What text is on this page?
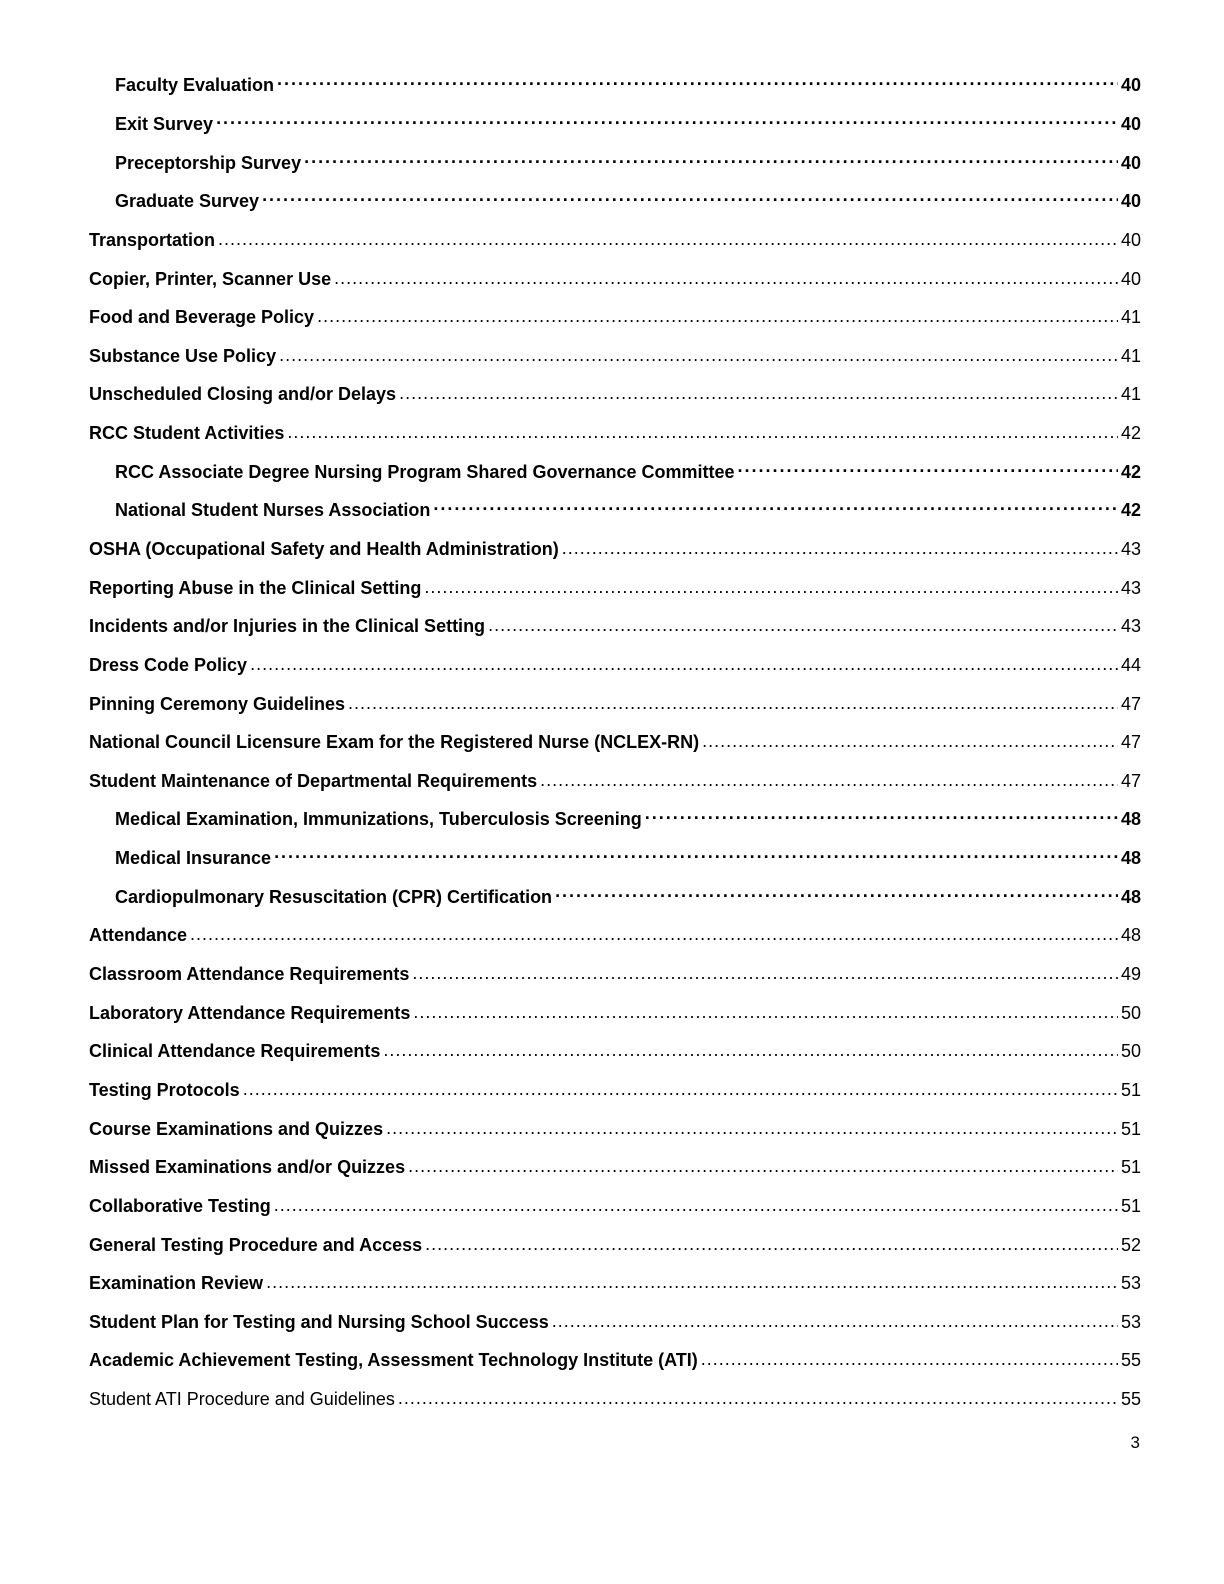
Faculty Evaluation ·····	40
Exit Survey ·····	40
Preceptorship Survey ·····	40
Graduate Survey ·····	40
Transportation .....	40
Copier, Printer, Scanner Use .....	40
Food and Beverage Policy .....	41
Substance Use Policy .....	41
Unscheduled Closing and/or Delays .....	41
RCC Student Activities .....	42
RCC Associate Degree Nursing Program Shared Governance Committee ·····	42
National Student Nurses Association ·····	42
OSHA (Occupational Safety and Health Administration) .....	43
Reporting Abuse in the Clinical Setting .....	43
Incidents and/or Injuries in the Clinical Setting .....	43
Dress Code Policy .....	44
Pinning Ceremony Guidelines .....	47
National Council Licensure Exam for the Registered Nurse (NCLEX-RN) .....	47
Student Maintenance of Departmental Requirements .....	47
Medical Examination, Immunizations, Tuberculosis Screening ·····	48
Medical Insurance ·····	48
Cardiopulmonary Resuscitation (CPR) Certification ·····	48
Attendance .....	48
Classroom Attendance Requirements .....	49
Laboratory Attendance Requirements .....	50
Clinical Attendance Requirements .....	50
Testing Protocols .....	51
Course Examinations and Quizzes .....	51
Missed Examinations and/or Quizzes .....	51
Collaborative Testing .....	51
General Testing Procedure and Access .....	52
Examination Review .....	53
Student Plan for Testing and Nursing School Success .....	53
Academic Achievement Testing, Assessment Technology Institute (ATI) .....	55
Student ATI Procedure and Guidelines .....	55
3
